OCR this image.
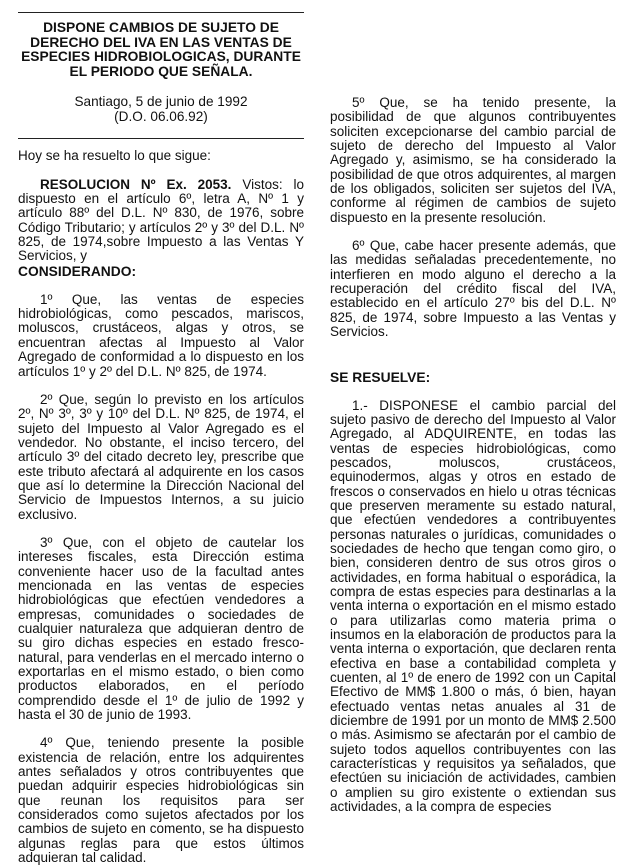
DISPONE CAMBIOS DE SUJETO DE
DERECHO DEL IVA EN LAS VENTAS DE
ESPECIES HIDROBIOLOGICAS, DURANTE
EL PERIODO QUE SEÑALA.
Santiago, 5 de junio de 1992
(D.O. 06.06.92)

Hoy se ha resuelto lo que sigue:

RESOLUCION Nº Ex. 2053. Vistos: lo dispuesto en el artículo 6º, letra A, Nº 1 y artículo 88º del D.L. Nº 830, de 1976, sobre Código Tributario; y artículos 2º y 3º del D.L. Nº 825, de 1974,sobre Impuesto a las Ventas Y Servicios, y

CONSIDERANDO:

1º Que, las ventas de especies hidrobiológicas, como pescados, mariscos, moluscos, crustáceos, algas y otros, se encuentran afectas al Impuesto al Valor Agregado de conformidad a lo dispuesto en los artículos 1º y 2º del D.L. Nº 825, de 1974.

2º Que, según lo previsto en los artículos 2º, Nº 3º, 3º y 10º del D.L. Nº 825, de 1974, el sujeto del Impuesto al Valor Agregado es el vendedor. No obstante, el inciso tercero, del artículo 3º del citado decreto ley, prescribe que este tributo afectará al adquirente en los casos que así lo determine la Dirección Nacional del Servicio de Impuestos Internos, a su juicio exclusivo.

3º Que, con el objeto de cautelar los intereses fiscales, esta Dirección estima conveniente hacer uso de la facultad antes mencionada en las ventas de especies hidrobiológicas que efectúen vendedores a empresas, comunidades o sociedades de cualquier naturaleza que adquieran dentro de su giro dichas especies en estado fresco-natural, para venderlas en el mercado interno o exportarlas en el mismo estado, o bien como productos elaborados, en el período comprendido desde el 1º de julio de 1992 y hasta el 30 de junio de 1993.

4º Que, teniendo presente la posible existencia de relación, entre los adquirentes antes señalados y otros contribuyentes que puedan adquirir especies hidrobiológicas sin que reunan los requisitos para ser considerados como sujetos afectados por los cambios de sujeto en comento, se ha dispuesto algunas reglas para que estos últimos adquieran tal calidad.

5º Que, se ha tenido presente, la posibilidad de que algunos contribuyentes soliciten excepcionarse del cambio parcial de sujeto de derecho del Impuesto al Valor Agregado y, asimismo, se ha considerado la posibilidad de que otros adquirentes, al margen de los obligados, soliciten ser sujetos del IVA, conforme al régimen de cambios de sujeto dispuesto en la presente resolución.

6º Que, cabe hacer presente además, que las medidas señaladas precedentemente, no interfieren en modo alguno el derecho a la recuperación del crédito fiscal del IVA, establecido en el artículo 27º bis del D.L. Nº 825, de 1974, sobre Impuesto a las Ventas y Servicios.

SE RESUELVE:

1.- DISPONESE el cambio parcial del sujeto pasivo de derecho del Impuesto al Valor Agregado, al ADQUIRENTE, en todas las ventas de especies hidrobiológicas, como pescados, moluscos, crustáceos, equinodermos, algas y otros en estado de frescos o conservados en hielo u otras técnicas que preserven meramente su estado natural, que efectúen vendedores a contribuyentes personas naturales o jurídicas, comunidades o sociedades de hecho que tengan como giro, o bien, consideren dentro de sus otros giros o actividades, en forma habitual o esporádica, la compra de estas especies para destinarlas a la venta interna o exportación en el mismo estado o para utilizarlas como materia prima o insumos en la elaboración de productos para la venta interna o exportación, que declaren renta efectiva en base a contabilidad completa y cuenten, al 1º de enero de 1992 con un Capital Efectivo de MM$ 1.800 o más, ó bien, hayan efectuado ventas netas anuales al 31 de diciembre de 1991 por un monto de MM$ 2.500 o más. Asimismo se afectarán por el cambio de sujeto todos aquellos contribuyentes con las características y requisitos ya señalados, que efectúen su iniciación de actividades, cambien o amplien su giro existente o extiendan sus actividades, a la compra de especies
